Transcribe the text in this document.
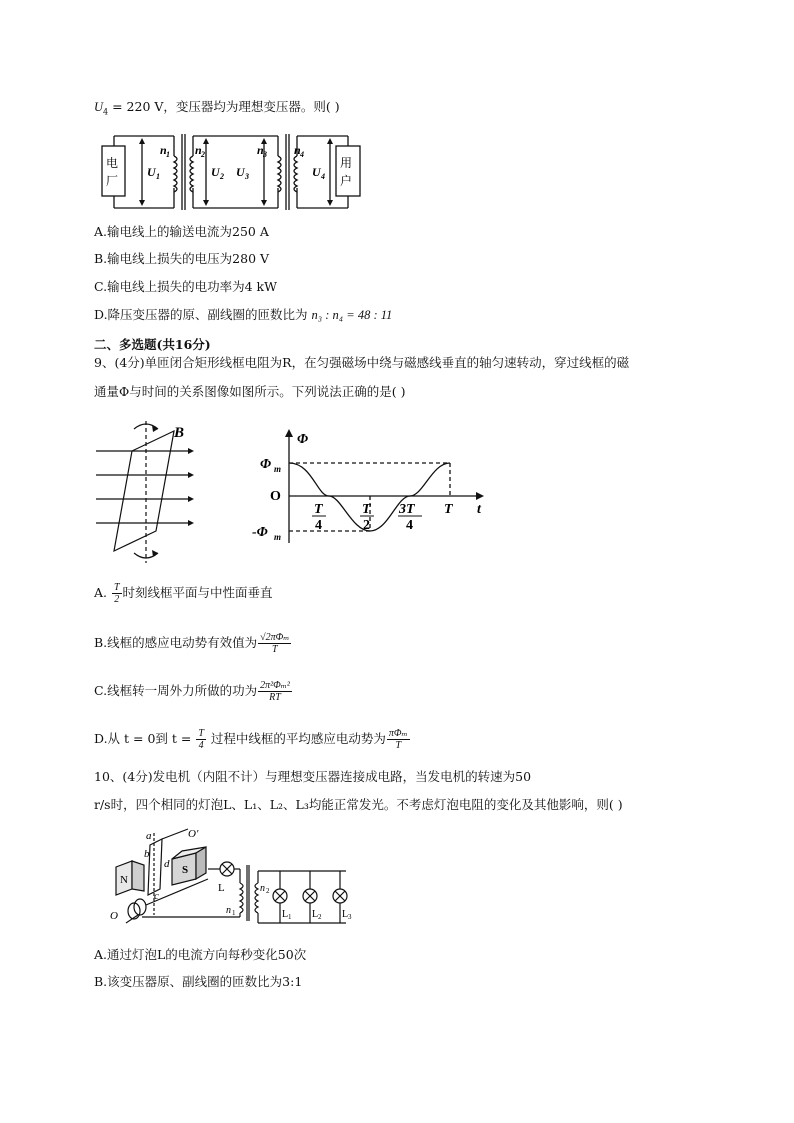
$U_4 = 220$ V，变压器均为理想变压器。则( )
电
厂
用
户
U 1
n 1 n 2
U 2 U 3
n 3 n 4
U 4
A.输电线上的输送电流为250 A
B.输电线上损失的电压为280 V
C.输电线上损失的电功率为4 kW
D.降压变压器的原、副线圈的匝数比为 n₃ : n₄ = 48 : 11
二、多选题(共16分)
9、(4分)单匝闭合矩形线框电阻为R，在匀强磁场中绕与磁感线垂直的轴匀速转动，穿过线框的磁
通量Φ与时间的关系图像如图所示。下列说法正确的是( )
B	Φ
t
Φ m
-Φ m
O
T
4
T
2
3T
4
T
A. $\frac{T}{2}$ 时刻线框平面与中性面垂直
B.线框的感应电动势有效值为 $\frac{\text{√2πΦₘ}}{T}$
C.线框转一周外力所做的功为 $\frac{\text{2π²Φₘ²}}{RT}$
D.从 t = 0到 $t = \frac{T}{4}$ 过程中线框的平均感应电动势为 $\frac{\text{πΦₘ}}{T}$
10、(4分)发电机（内阻不计）与理想变压器连接成电路，当发电机的转速为50
r/s时，四个相同的灯泡L、L₁、L₂、L₃均能正常发光。不考虑灯泡电阻的变化及其他影响，则( )
N
S
a	O′
b
d
c
O
L
n 1
n 2
L 1 L 2 L 3
A.通过灯泡L的电流方向每秒变化50次
B.该变压器原、副线圈的匝数比为3:1
